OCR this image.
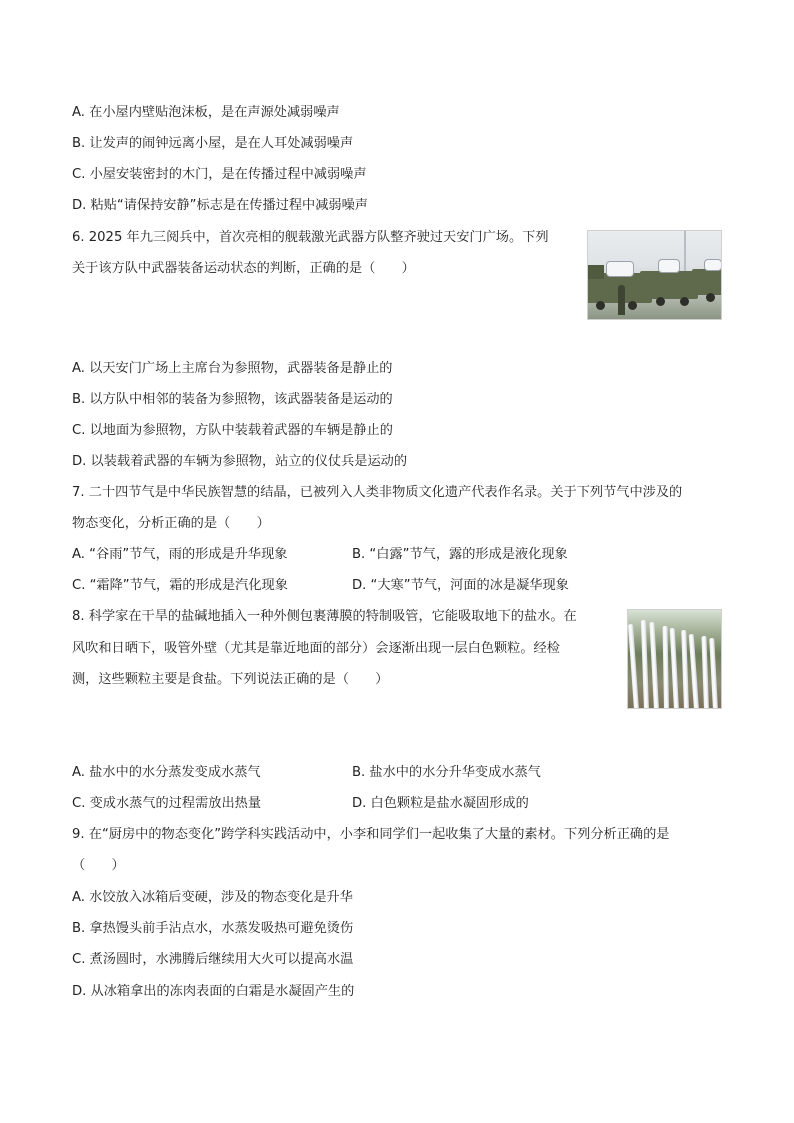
A. 在小屋内壁贴泡沫板，是在声源处减弱噪声
B. 让发声的闹钟远离小屋，是在人耳处减弱噪声
C. 小屋安装密封的木门，是在传播过程中减弱噪声
D. 粘贴“请保持安静”标志是在传播过程中减弱噪声
6. 2025 年九三阅兵中，首次亮相的舰载激光武器方队整齐驶过天安门广场。下列
关于该方队中武器装备运动状态的判断，正确的是（　　）
A. 以天安门广场上主席台为参照物，武器装备是静止的
B. 以方队中相邻的装备为参照物，该武器装备是运动的
C. 以地面为参照物，方队中装载着武器的车辆是静止的
D. 以装载着武器的车辆为参照物，站立的仪仗兵是运动的
7. 二十四节气是中华民族智慧的结晶，已被列入人类非物质文化遗产代表作名录。关于下列节气中涉及的
物态变化，分析正确的是（　　）
A. “谷雨”节气，雨的形成是升华现象	B. “白露”节气，露的形成是液化现象
C. “霜降”节气，霜的形成是汽化现象	D. “大寒”节气，河面的冰是凝华现象
8. 科学家在干旱的盐碱地插入一种外侧包裹薄膜的特制吸管，它能吸取地下的盐水。在
风吹和日晒下，吸管外壁（尤其是靠近地面的部分）会逐渐出现一层白色颗粒。经检
测，这些颗粒主要是食盐。下列说法正确的是（　　）
A. 盐水中的水分蒸发变成水蒸气	B. 盐水中的水分升华变成水蒸气
C. 变成水蒸气的过程需放出热量	D. 白色颗粒是盐水凝固形成的
9. 在“厨房中的物态变化”跨学科实践活动中，小李和同学们一起收集了大量的素材。下列分析正确的是
（　　）
A. 水饺放入冰箱后变硬，涉及的物态变化是升华
B. 拿热馒头前手沾点水，水蒸发吸热可避免烫伤
C. 煮汤圆时，水沸腾后继续用大火可以提高水温
D. 从冰箱拿出的冻肉表面的白霜是水凝固产生的
